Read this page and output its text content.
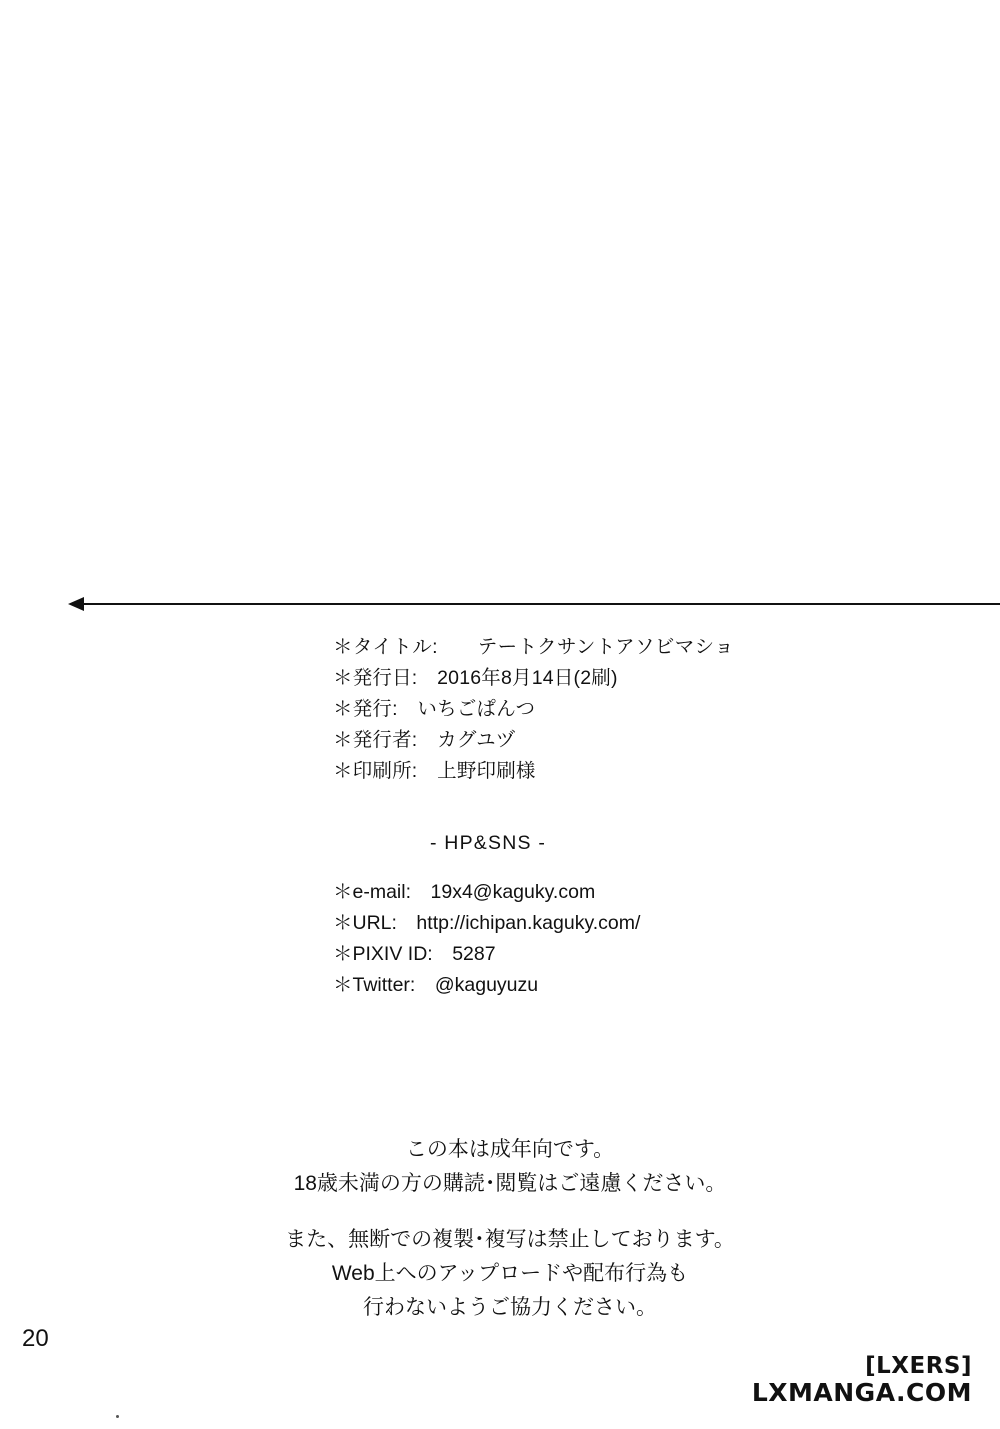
＊タイトル:　　テートクサントアソビマショ
＊発行日:　2016年8月14日(2刷)
＊発行:　いちごぱんつ
＊発行者:　カグユヅ
＊印刷所:　上野印刷様
- HP&SNS -
＊e-mail:　19x4@kaguky.com
＊URL:　http://ichipan.kaguky.com/
＊PIXIV ID:　5287
＊Twitter:　@kaguyuzu
この本は成年向です。
18歳未満の方の購読･閲覧はご遠慮ください。
また、無断での複製･複写は禁止しております。
Web上へのアップロードや配布行為も
行わないようご協力ください。
20
[LXERS]
LXMANGA.COM
